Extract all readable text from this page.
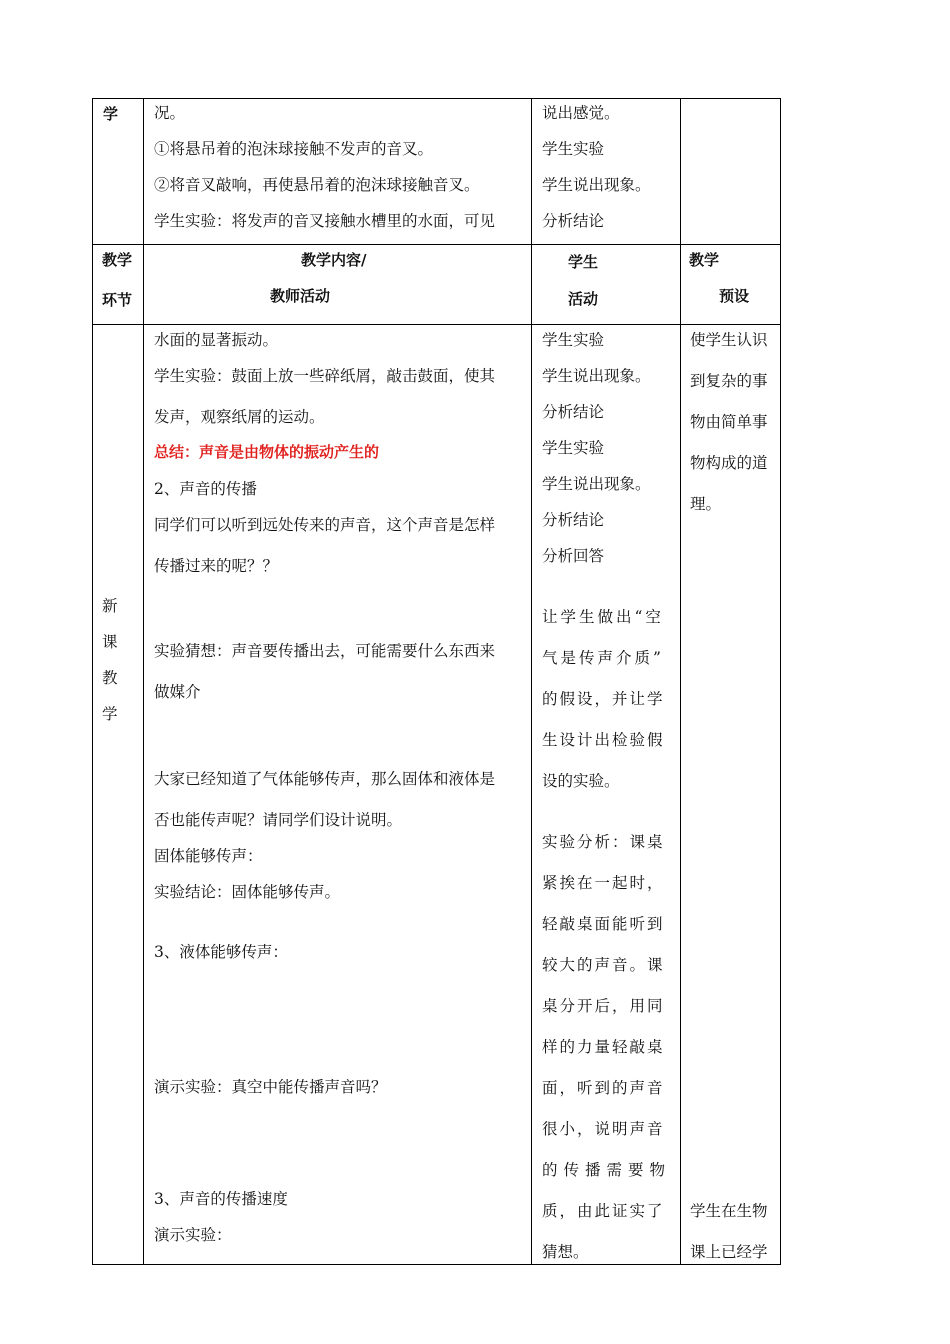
学 况。
①将悬吊着的泡沫球接触不发声的音叉。
②将音叉敲响，再使悬吊着的泡沫球接触音叉。
学生实验：将发声的音叉接触水槽里的水面，可见
说出感觉。
学生实验
学生说出现象。
分析结论
教学
环节
教学内容/
教师活动
学生
活动
教学
预设
新
课
教
学
水面的显著振动。
学生实验：鼓面上放一些碎纸屑，敲击鼓面，使其
发声，观察纸屑的运动。
总结：声音是由物体的振动产生的
2、声音的传播
同学们可以听到远处传来的声音，这个声音是怎样
传播过来的呢？？
实验猜想：声音要传播出去，可能需要什么东西来
做媒介
大家已经知道了气体能够传声，那么固体和液体是
否也能传声呢？请同学们设计说明。
固体能够传声：
实验结论：固体能够传声。
3、液体能够传声：
演示实验：真空中能传播声音吗？
3、声音的传播速度
演示实验：
学生实验
学生说出现象。
分析结论
学生实验
学生说出现象。
分析结论
分析回答
让学生做出“空
气是传声介质”
的假设，并让学
生设计出检验假
设的实验。
实验分析：课桌
紧挨在一起时，
轻敲桌面能听到
较大的声音。课
桌分开后，用同
样的力量轻敲桌
面，听到的声音
很小，说明声音
的传播需要物
质，由此证实了
猜想。
使学生认识
到复杂的事
物由简单事
物构成的道
理。
学生在生物
课上已经学
